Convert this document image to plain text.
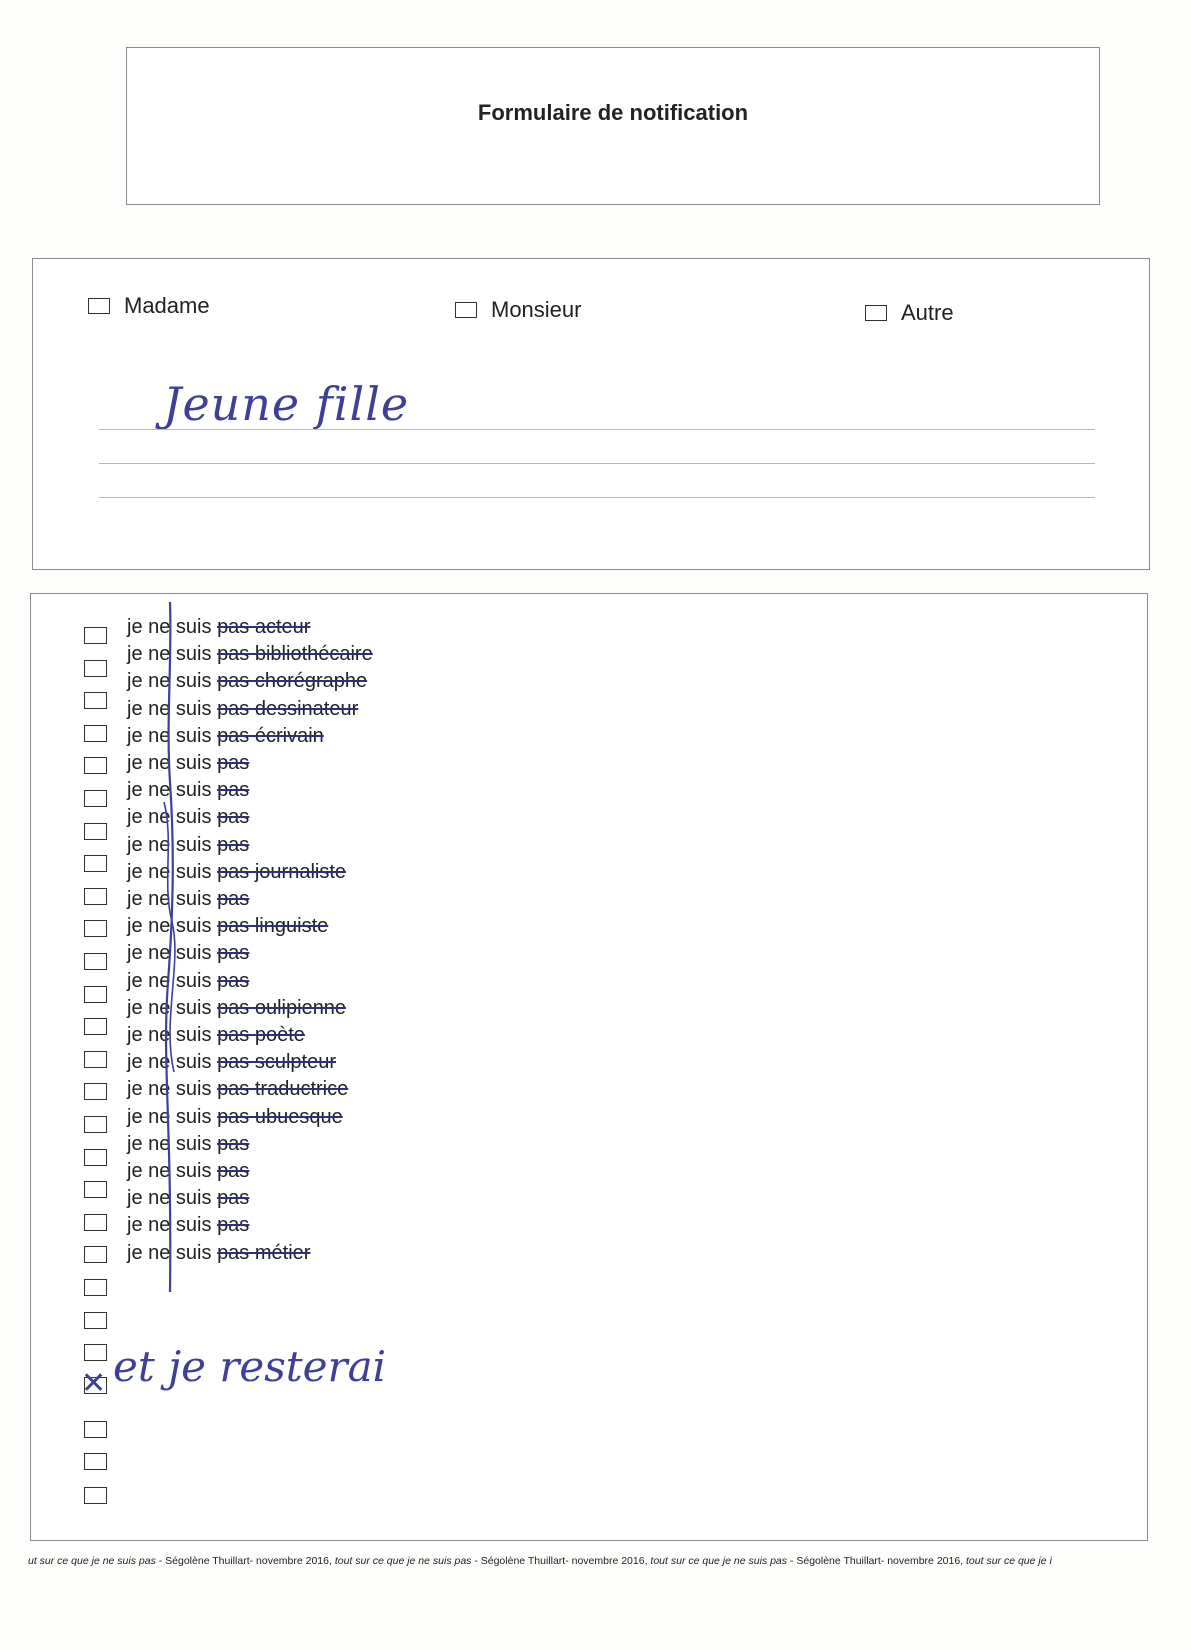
Formulaire de notification
Madame	Monsieur	Autre
Jeune fille
je ne suis pas acteur
je ne suis pas bibliothécaire
je ne suis pas chorégraphe
je ne suis pas dessinateur
je ne suis pas écrivain
je ne suis pas
je ne suis pas
je ne suis pas
je ne suis pas
je ne suis pas journaliste
je ne suis pas
je ne suis pas linguiste
je ne suis pas
je ne suis pas
je ne suis pas oulipienne
je ne suis pas poète
je ne suis pas sculpteur
je ne suis pas traductrice
je ne suis pas ubuesque
je ne suis pas
je ne suis pas
je ne suis pas
je ne suis pas
je ne suis pas métier
✕ et je resterai
ut sur ce que je ne suis pas - Ségolène Thuillart- novembre 2016, tout sur ce que je ne suis pas - Ségolène Thuillart- novembre 2016, tout sur ce que je ne suis pas - Ségolène Thuillart- novembre 2016, tout sur ce que je i
